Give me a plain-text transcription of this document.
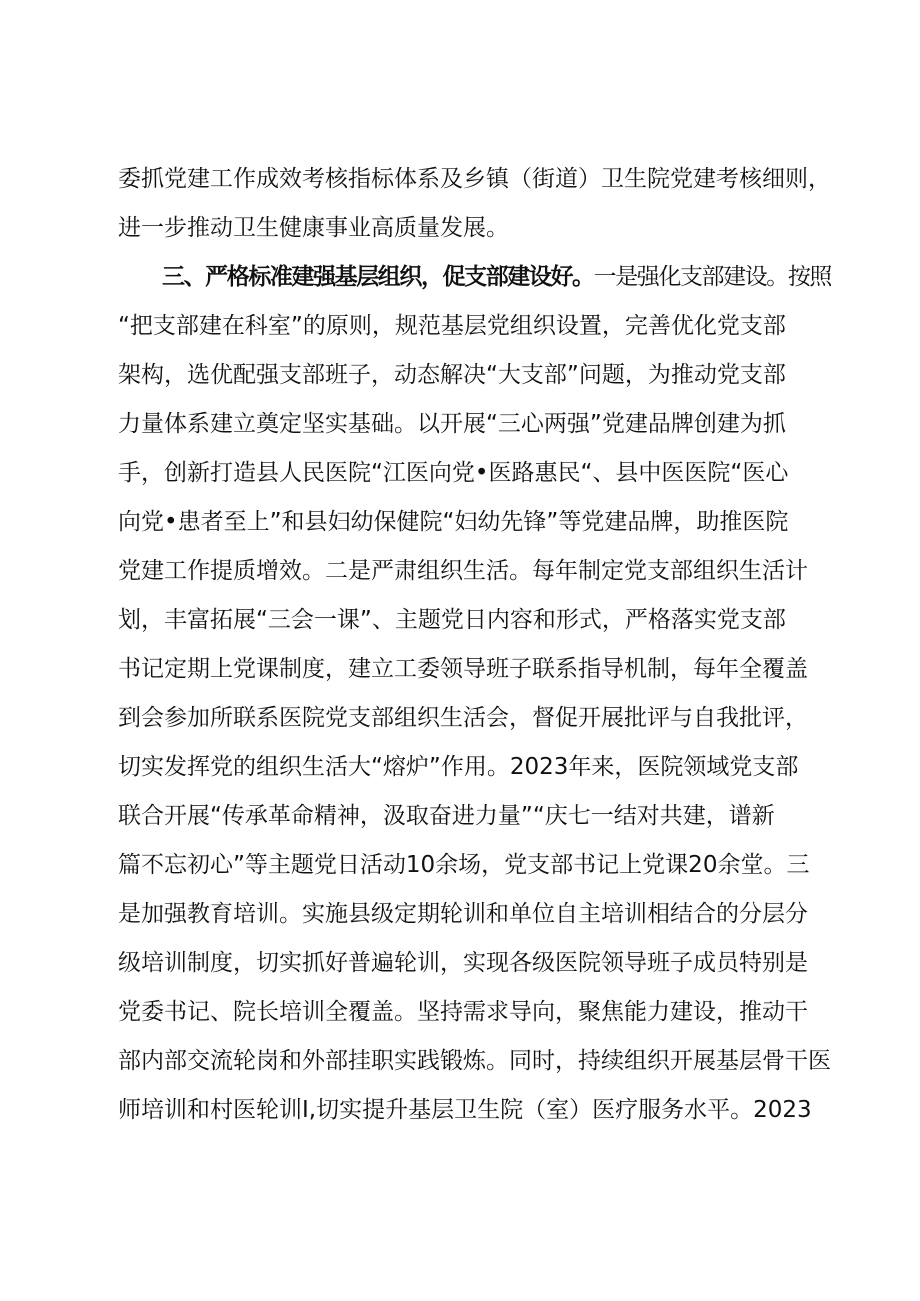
委抓党建工作成效考核指标体系及乡镇（街道）卫生院党建考核细则，
进一步推动卫生健康事业高质量发展。
三、严格标准建强基层组织，促支部建设好。一是强化支部建设。按照
“把支部建在科室”的原则，规范基层党组织设置，完善优化党支部
架构，选优配强支部班子，动态解决“大支部”问题，为推动党支部
力量体系建立奠定坚实基础。以开展“三心两强”党建品牌创建为抓
手，创新打造县人民医院“江医向党•医路惠民“、县中医医院“医心
向党•患者至上”和县妇幼保健院“妇幼先锋”等党建品牌，助推医院
党建工作提质增效。二是严肃组织生活。每年制定党支部组织生活计
划，丰富拓展“三会一课”、主题党日内容和形式，严格落实党支部
书记定期上党课制度，建立工委领导班子联系指导机制，每年全覆盖
到会参加所联系医院党支部组织生活会，督促开展批评与自我批评，
切实发挥党的组织生活大“熔炉”作用。2023年来，医院领域党支部
联合开展“传承革命精神，汲取奋进力量”“庆七一结对共建，谱新
篇不忘初心”等主题党日活动10余场，党支部书记上党课20余堂。三
是加强教育培训。实施县级定期轮训和单位自主培训相结合的分层分
级培训制度，切实抓好普遍轮训，实现各级医院领导班子成员特别是
党委书记、院长培训全覆盖。坚持需求导向，聚焦能力建设，推动干
部内部交流轮岗和外部挂职实践锻炼。同时，持续组织开展基层骨干医
师培训和村医轮训I,切实提升基层卫生院（室）医疗服务水平。2023
